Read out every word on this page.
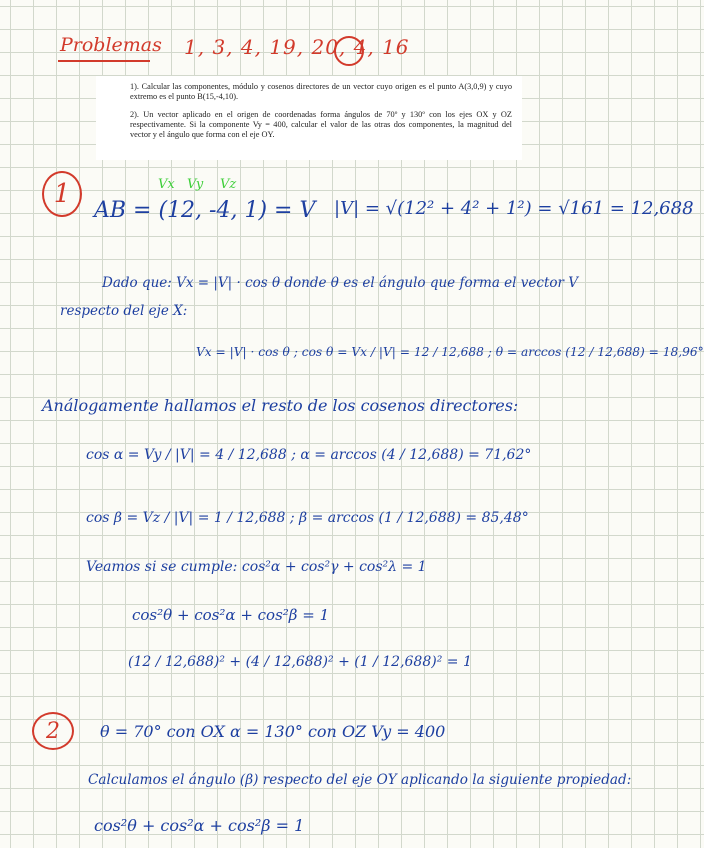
Problemas 1, 3, 4, 19, 20, 4, 16

1). Calcular las componentes, módulo y cosenos directores de un vector cuyo origen es el punto A(3,0,9) y cuyo extremo es el punto B(15,-4,10).

2). Un vector aplicado en el origen de coordenadas forma ángulos de 70º y 130º con los ejes OX y OZ respectivamente. Si la componente Vy = 400, calcular el valor de las otras dos componentes, la magnitud del vector y el ángulo que forma con el eje OY.

1	Vx Vy Vz
AB = (12, -4, 1) = V |V| = √(12² + 4² + 1²) = √161 = 12,688
Dado que: Vx = |V| · cos θ donde θ es el ángulo que forma el vector V
respecto del eje X:
Vx = |V| · cos θ ; cos θ = Vx / |V| = 12 / 12,688 ; θ = arccos (12 / 12,688) = 18,96°
Análogamente hallamos el resto de los cosenos directores:
cos α = Vy / |V| = 4 / 12,688 ; α = arccos (4 / 12,688) = 71,62°
cos β = Vz / |V| = 1 / 12,688 ; β = arccos (1 / 12,688) = 85,48°
Veamos si se cumple: cos²α + cos²γ + cos²λ = 1
cos²θ + cos²α + cos²β = 1
(12 / 12,688)² + (4 / 12,688)² + (1 / 12,688)² = 1
2	θ = 70° con OX α = 130° con OZ Vy = 400
Calculamos el ángulo (β) respecto del eje OY aplicando la siguiente propiedad:
cos²θ + cos²α + cos²β = 1
